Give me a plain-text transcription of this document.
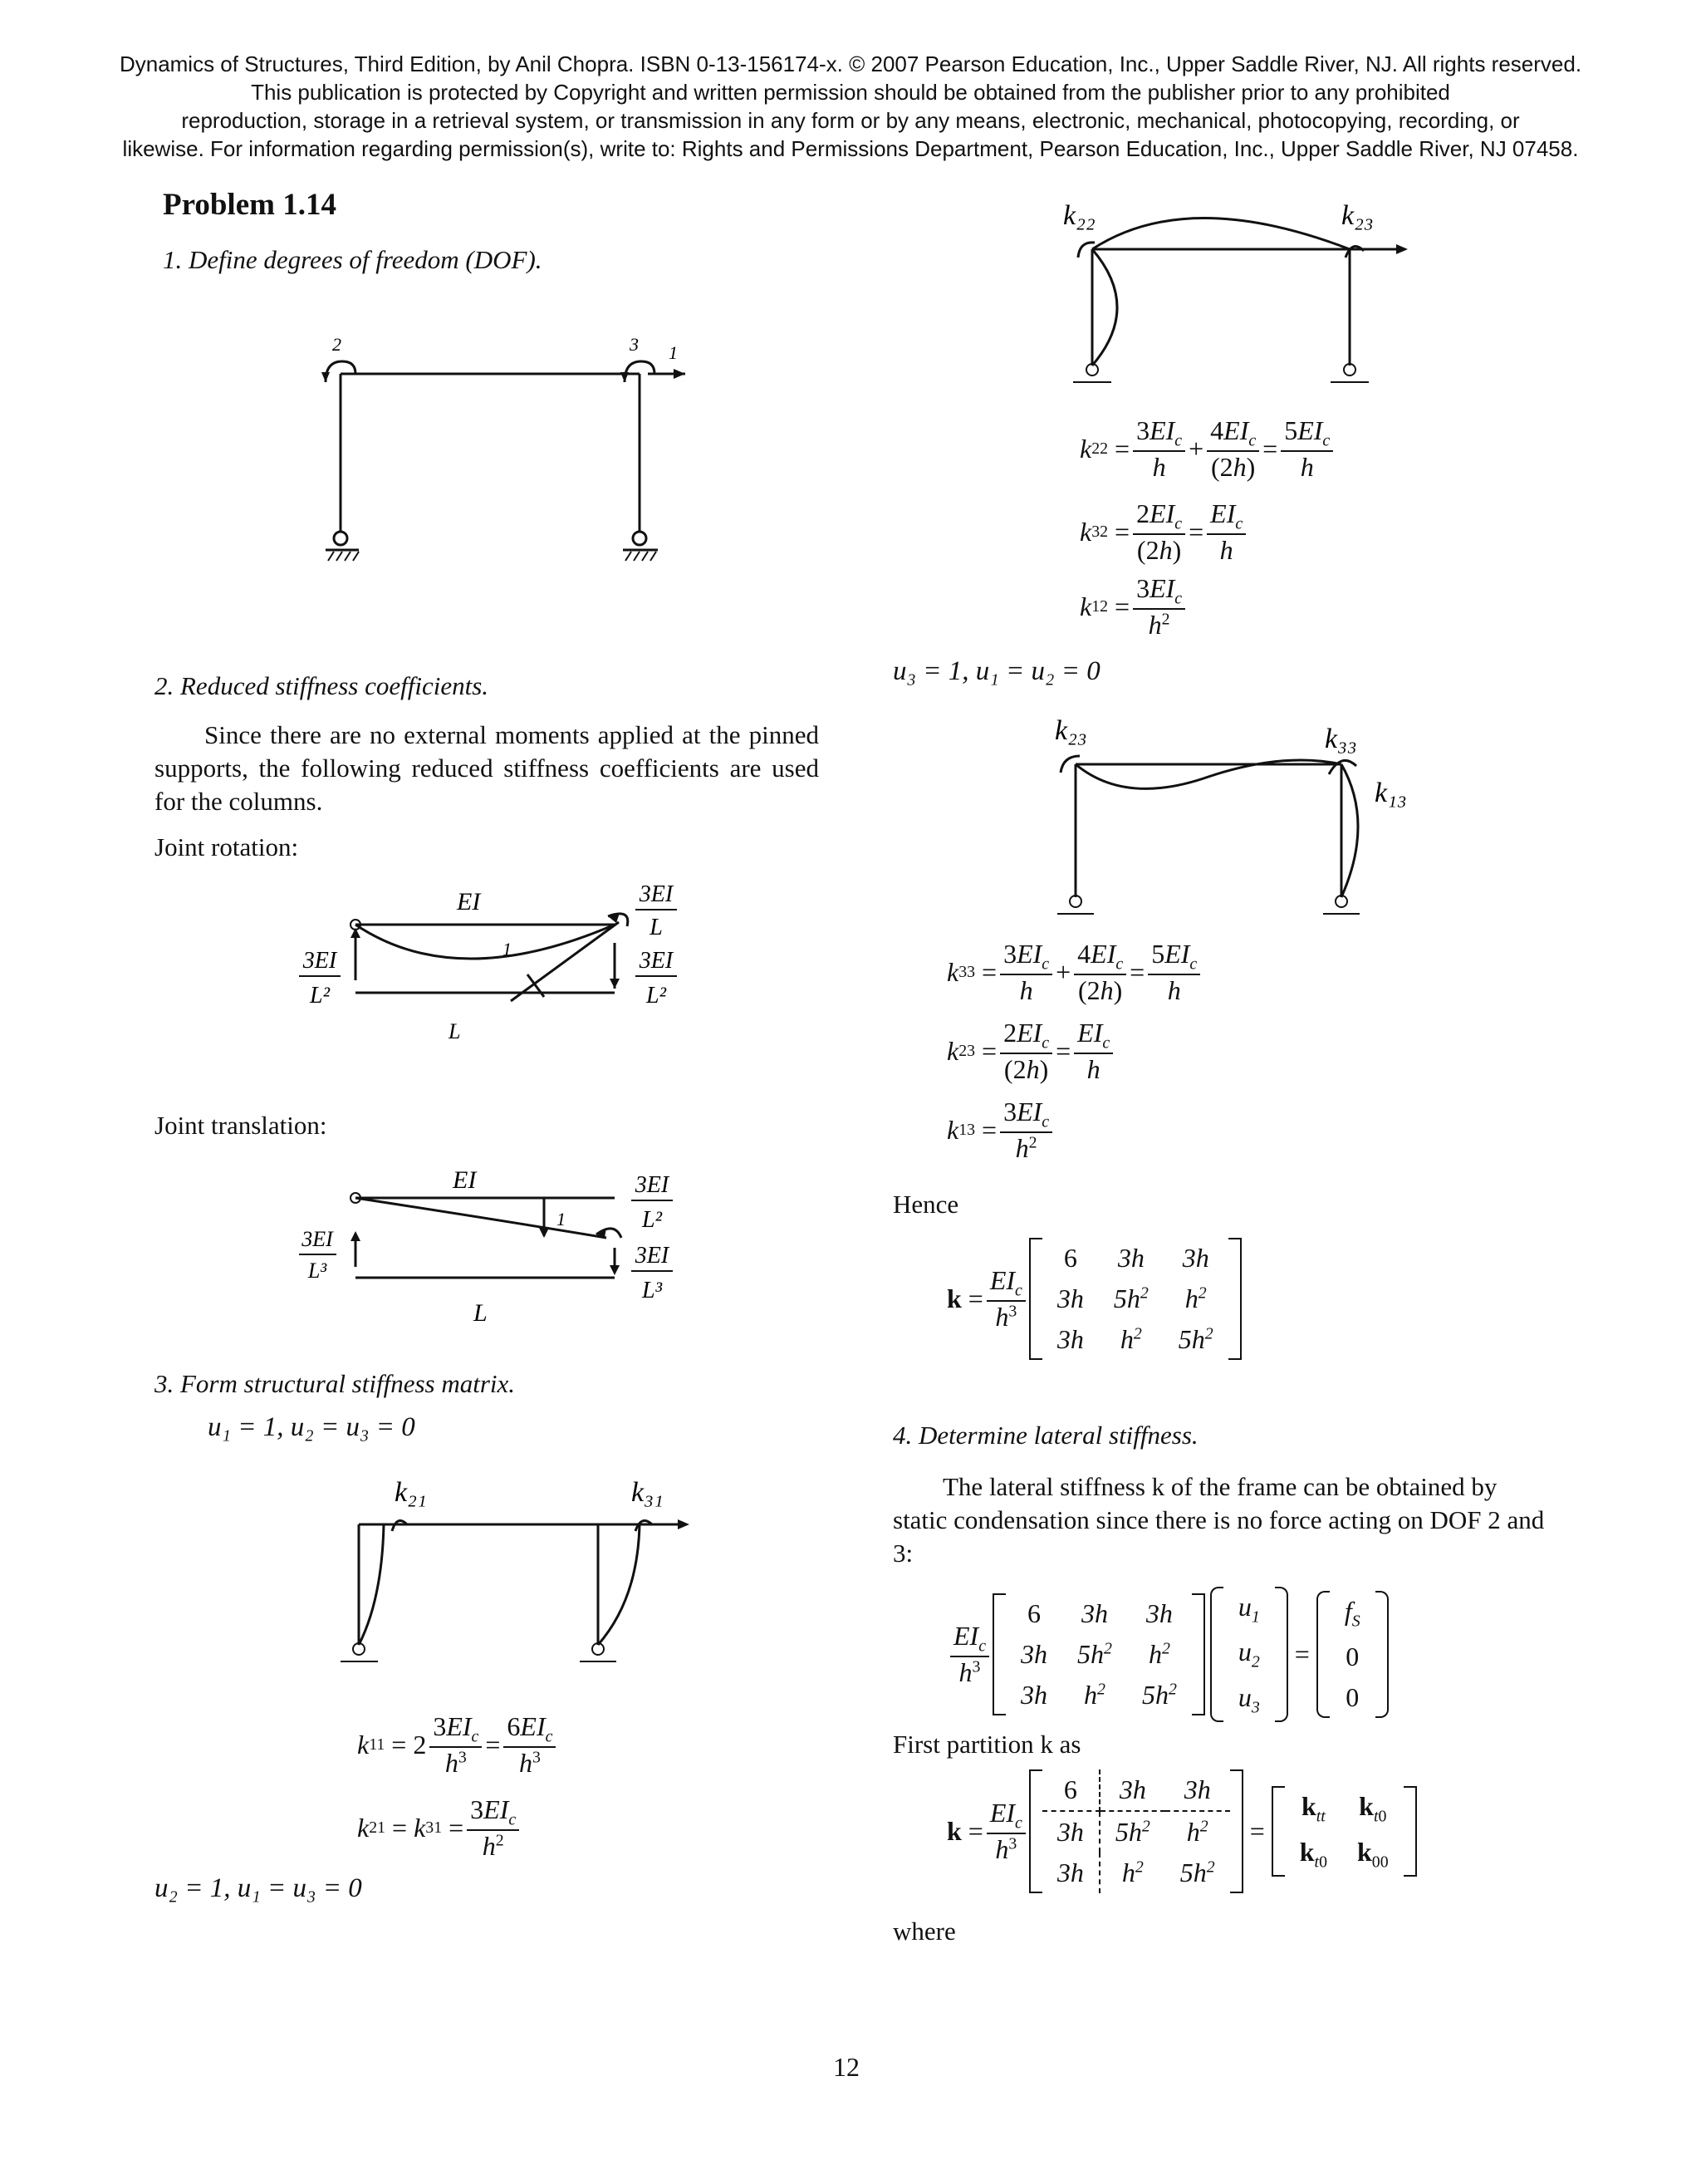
Dynamics of Structures, Third Edition, by Anil Chopra. ISBN 0-13-156174-x. © 2007 Pearson Education, Inc., Upper Saddle River, NJ. All rights reserved.
This publication is protected by Copyright and written permission should be obtained from the publisher prior to any prohibited
reproduction, storage in a retrieval system, or transmission in any form or by any means, electronic, mechanical, photocopying, recording, or
likewise. For information regarding permission(s), write to: Rights and Permissions Department, Pearson Education, Inc., Upper Saddle River, NJ 07458.
Problem 1.14
1. Define degrees of freedom (DOF).
2	3 1
2. Reduced stiffness coefficients.
Since there are no external moments applied at the pinned supports, the following reduced stiffness coefficients are used for the columns.
Joint rotation:
EI
1
L
3EI
L
3EI
L²
3EI
L²
Joint translation:
EI
1
L
3EI
L²
3EI
L³
3EI
L³
3. Form structural stiffness matrix.
u₁ = 1, u₂ = u₃ = 0
k₂₁	k₃₁
k $11 = 2 \frac{3EI_c}{h^3} = \frac{6EI_c}{h^3}$
k 21 = k $31 = \frac{3EI_c}{h^2}$
u₂ = 1, u₁ = u₃ = 0
k₂₂	k₂₃
k $22 = \frac{3EI_c}{h} + \frac{4EI_c}{(2h)} = \frac{5EI_c}{h}$
k $32 = \frac{2EI_c}{(2h)} = \frac{EI_c}{h}$
k $12 = \frac{3EI_c}{h^2}$
u₃ = 1, u₁ = u₂ = 0
k₂₃	k₃₃
k₁₃
k $33 = \frac{3EI_c}{h} + \frac{4EI_c}{(2h)} = \frac{5EI_c}{h}$
k $23 = \frac{2EI_c}{(2h)} = \frac{EI_c}{h}$
k $13 = \frac{3EI_c}{h^2}$
Hence
$k = \frac{EI_c}{h^3}$
6	3h	3h
3h	$5h^2$	$h^2$
3h	$h^2$	$5h^2$
4. Determine lateral stiffness.
The lateral stiffness k of the frame can be obtained by static condensation since there is no force acting on DOF 2 and 3:
$\frac{EI_c}{h^3}$
6	3h	3h
3h	$5h^2$	$h^2$
3h	$h^2$	$5h^2$
$u_1$
$u_2$
$u_3$
=
$f_S$
0
0
First partition k as
$k = \frac{EI_c}{h^3}$
6	3h	3h
3h	$5h^2$	$h^2$
3h	$h^2$	$5h^2$
=
$k_{tt}$	$k_{t0}$
$k_{t0}$	$k_{00}$
where
12
